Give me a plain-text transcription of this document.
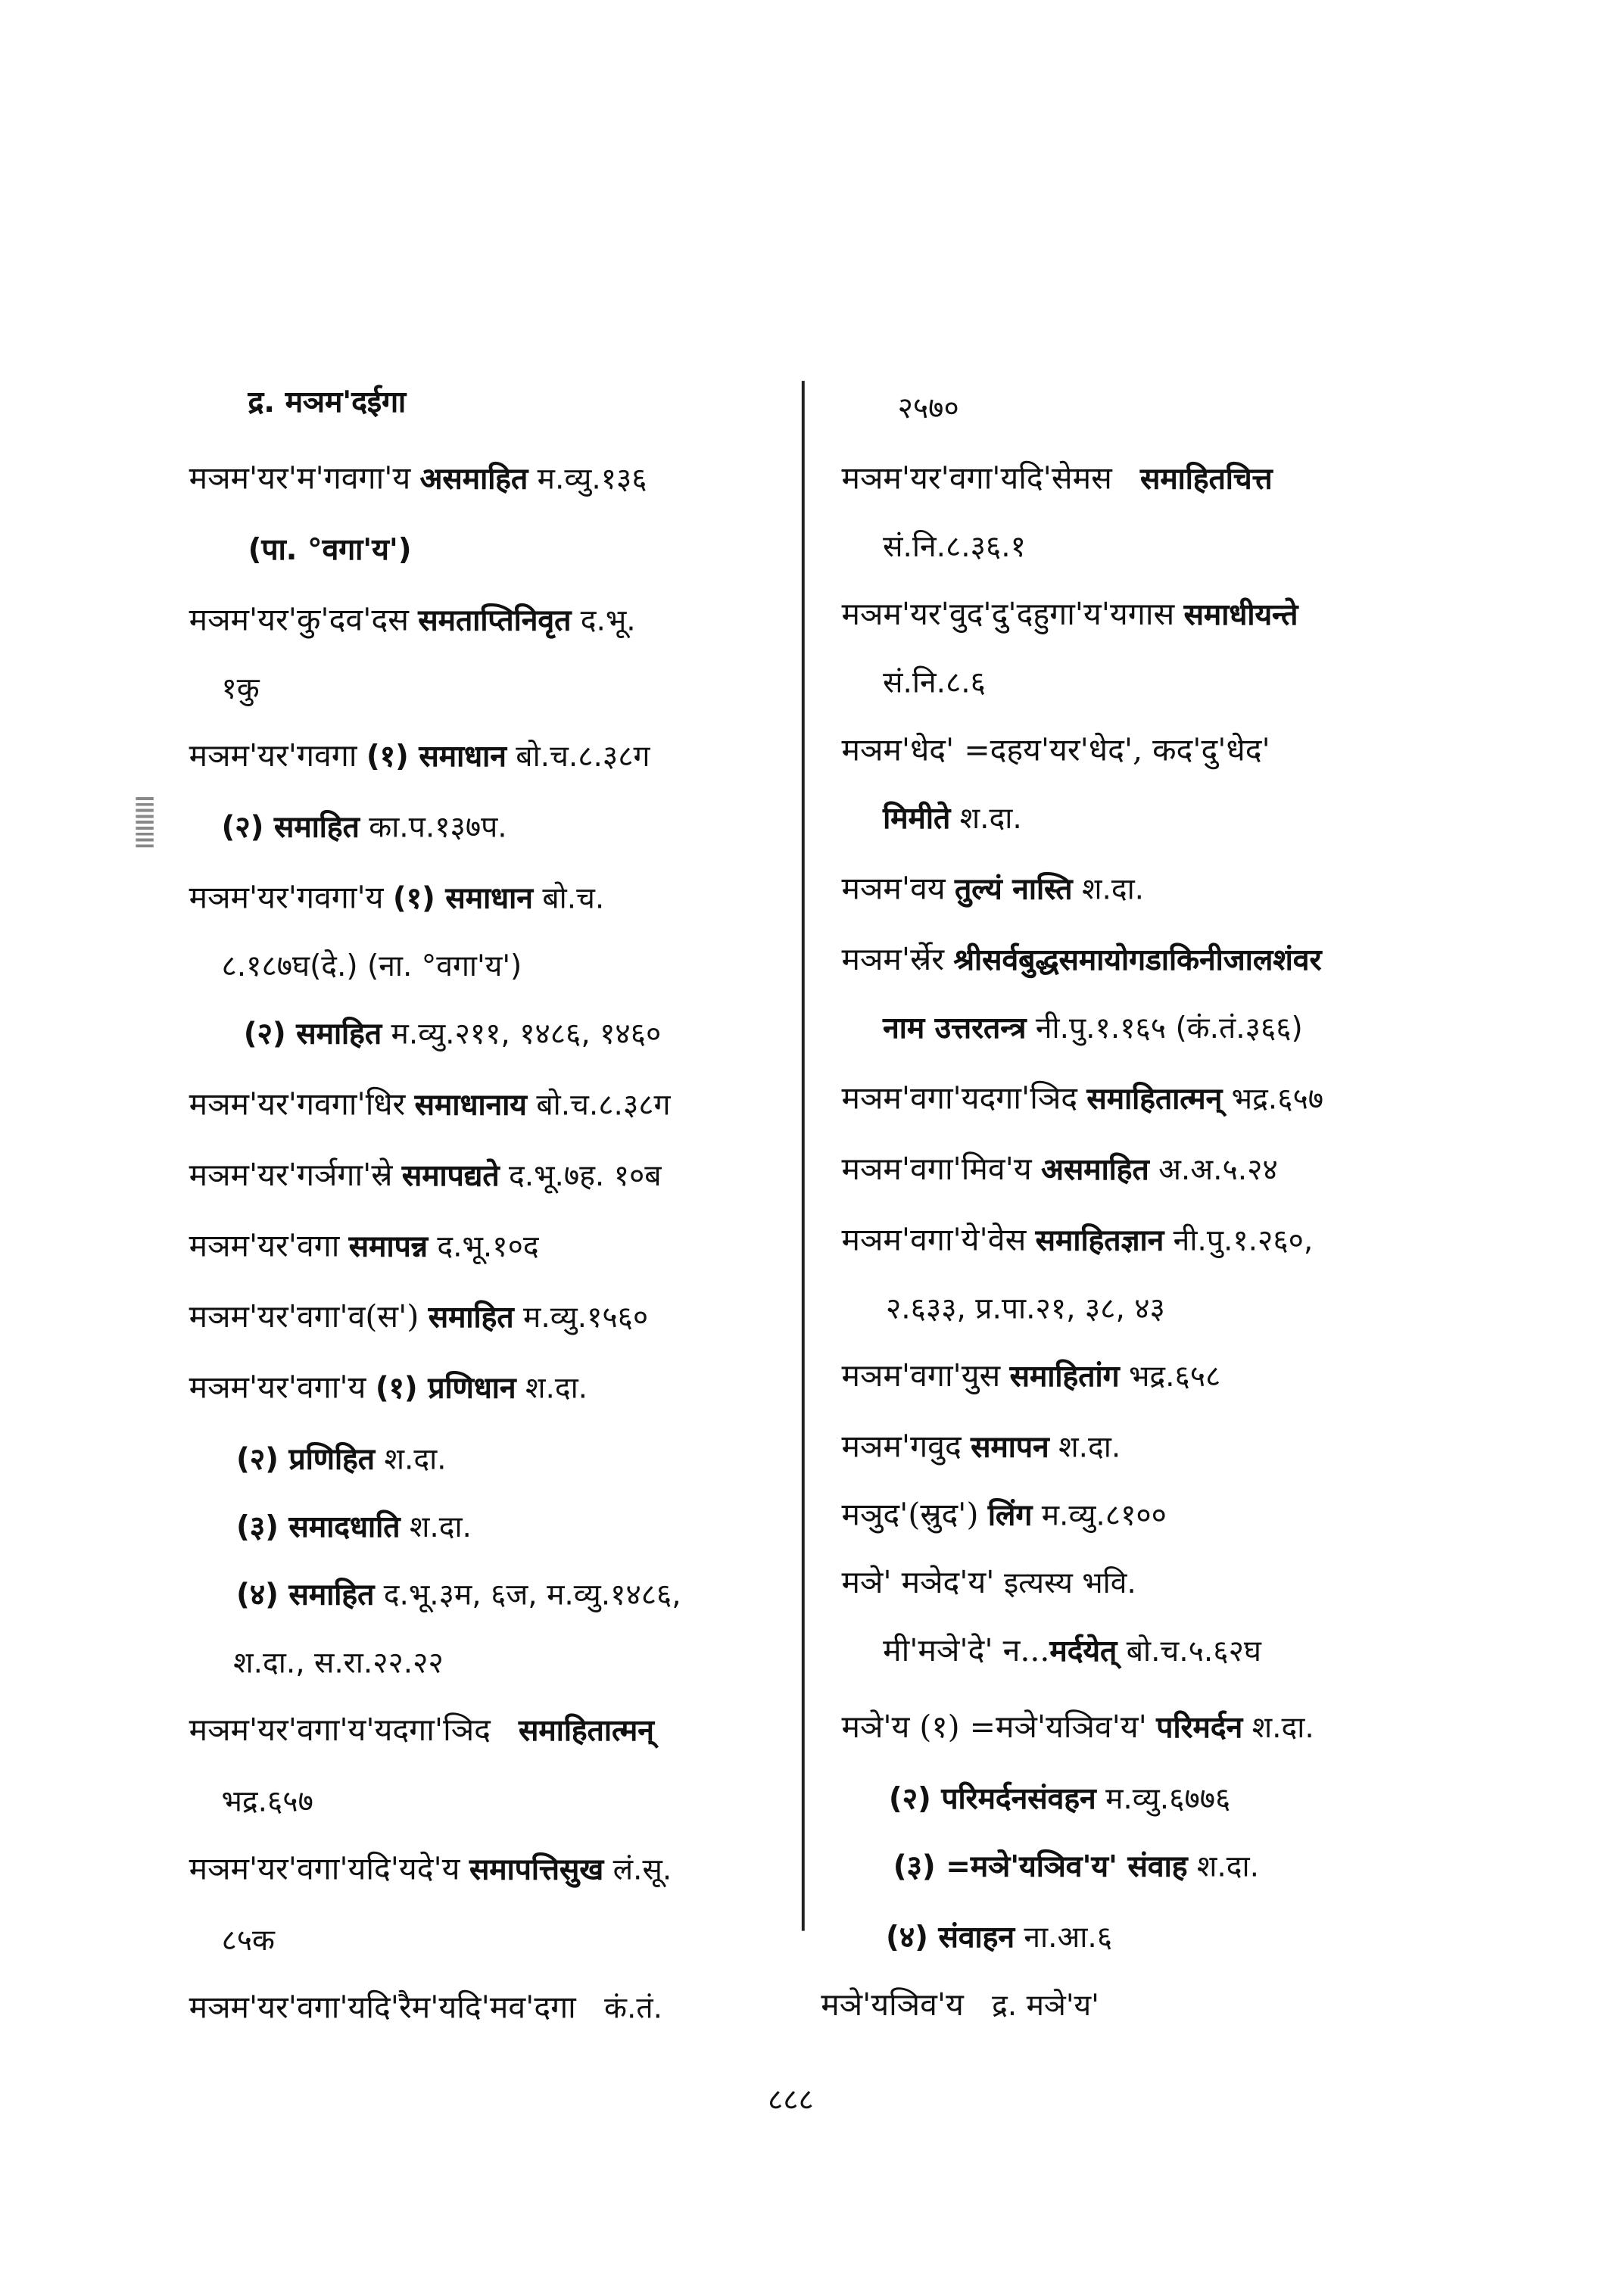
द्र. मञम'दईगा
मञम'यर'म'गवगा'य असमाहित म.व्यु.१३६
(पा. °वगा'य')
मञम'यर'कु'दव'दस समताप्तिनिवृत द.भू.
१कु
मञम'यर'गवगा (१) समाधान बो.च.८.३८ग
(२) समाहित का.प.१३७प.
मञम'यर'गवगा'य (१) समाधान बो.च.
८.१८७घ(दे.) (ना. °वगा'य')
(२) समाहित म.व्यु.२११, १४८६, १४६०
मञम'यर'गवगा'धिर समाधानाय बो.च.८.३८ग
मञम'यर'गर्ञगा'स्रे समापद्यते द.भू.७ह. १०ब
मञम'यर'वगा समापन्न द.भू.१०द
मञम'यर'वगा'व(स') समाहित म.व्यु.१५६०
मञम'यर'वगा'य (१) प्रणिधान श.दा.
(२) प्रणिहित श.दा.
(३) समादधाति श.दा.
(४) समाहित द.भू.३म, ६ज, म.व्यु.१४८६,
श.दा., स.रा.२२.२२
मञम'यर'वगा'य'यदगा'ञिद समाहितात्मन्
भद्र.६५७
मञम'यर'वगा'यदि'यदे'य समापत्तिसुख लं.सू.
८५क
मञम'यर'वगा'यदि'रैम'यदि'मव'दगा कं.तं.
२५७०
मञम'यर'वगा'यदि'सेमस समाहितचित्त
सं.नि.८.३६.१
मञम'यर'वुद'दु'दहुगा'य'यगास समाधीयन्ते
सं.नि.८.६
मञम'धेद' =दहय'यर'धेद', कद'दु'धेद'
मिमीते श.दा.
मञम'वय तुल्यं नास्ति श.दा.
मञम'र्स्रेर श्रीसर्वबुद्धसमायोगडाकिनीजालशंवर
नाम उत्तरतन्त्र नी.पु.१.१६५ (कं.तं.३६६)
मञम'वगा'यदगा'ञिद समाहितात्मन् भद्र.६५७
मञम'वगा'मिव'य असमाहित अ.अ.५.२४
मञम'वगा'ये'वेस समाहितज्ञान नी.पु.१.२६०,
२.६३३, प्र.पा.२१, ३८, ४३
मञम'वगा'युस समाहितांग भद्र.६५८
मञम'गवुद समापन श.दा.
मञुद'(स्रुद') लिंग म.व्यु.८१००
मञे' मञेद'य' इत्यस्य भवि.
मी'मञे'दे' न...मर्दयेत् बो.च.५.६२घ
मञे'य (१) =मञे'यञिव'य' परिमर्दन श.दा.
(२) परिमर्दनसंवहन म.व्यु.६७७६
(३) =मञे'यञिव'य' संवाह श.दा.
(४) संवाहन ना.आ.६
मञे'यञिव'य द्र. मञे'य'
८८८
